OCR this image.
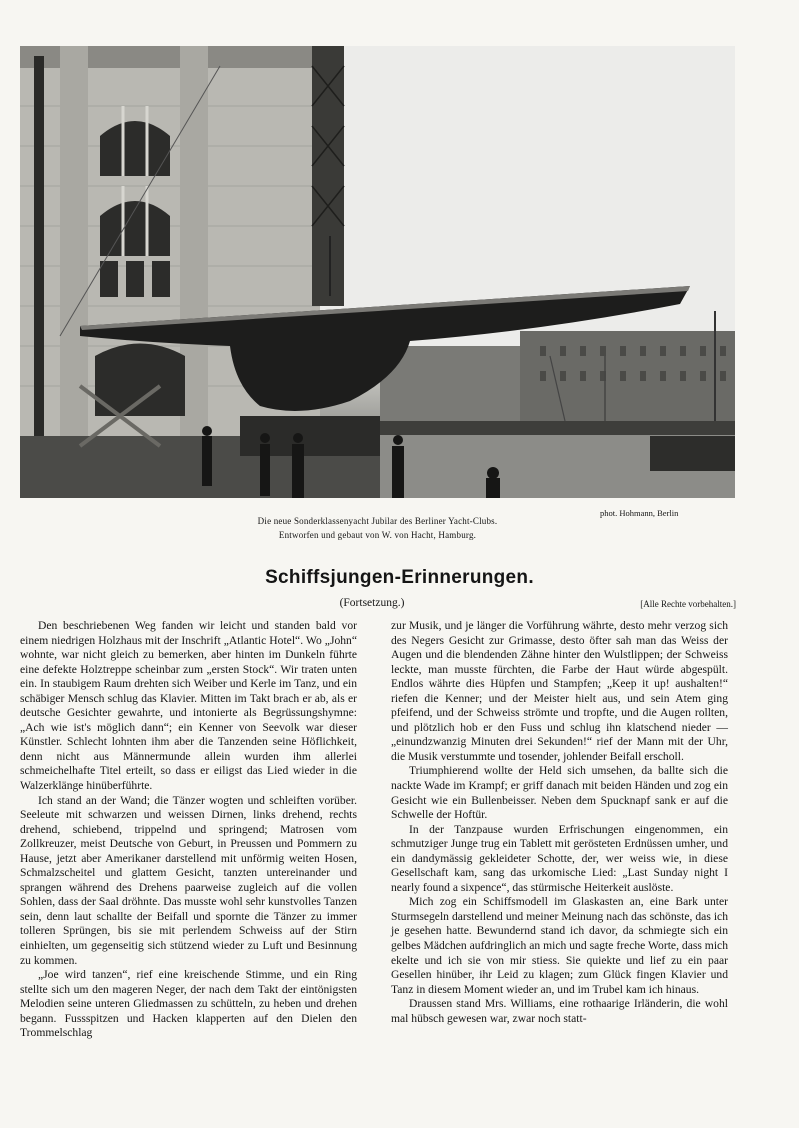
phot. Hohmann, Berlin
Die neue Sonderklassenyacht Jubilar des Berliner Yacht-Clubs.
Entworfen und gebaut von W. von Hacht, Hamburg.
Schiffsjungen-Erinnerungen.
(Fortsetzung.)	[Alle Rechte vorbehalten.]

Den beschriebenen Weg fanden wir leicht und standen bald vor einem niedrigen Holzhaus mit der Inschrift „Atlantic Hotel“. Wo „John“ wohnte, war nicht gleich zu bemerken, aber hinten im Dunkeln führte eine defekte Holztreppe scheinbar zum „ersten Stock“. Wir traten unten ein. In staubigem Raum drehten sich Weiber und Kerle im Tanz, und ein schäbiger Mensch schlug das Klavier. Mitten im Takt brach er ab, als er deutsche Gesichter gewahrte, und intonierte als Begrüssungshymne: „Ach wie ist's möglich dann“; ein Kenner von Seevolk war dieser Künstler. Schlecht lohnten ihm aber die Tanzenden seine Höflichkeit, denn nicht aus Männermunde allein wurden ihm allerlei schmeichelhafte Titel erteilt, so dass er eiligst das Lied wieder in die Walzerklänge hinüberführte.

Ich stand an der Wand; die Tänzer wogten und schleiften vorüber. Seeleute mit schwarzen und weissen Dirnen, links drehend, rechts drehend, schiebend, trippelnd und springend; Matrosen vom Zollkreuzer, meist Deutsche von Geburt, in Preussen und Pommern zu Hause, jetzt aber Amerikaner darstellend mit unförmig weiten Hosen, Schmalzscheitel und glattem Gesicht, tanzten untereinander und sprangen während des Drehens paarweise zugleich auf die vollen Sohlen, dass der Saal dröhnte. Das musste wohl sehr kunstvolles Tanzen sein, denn laut schallte der Beifall und spornte die Tänzer zu immer tolleren Sprüngen, bis sie mit perlendem Schweiss auf der Stirn einhielten, um gegenseitig sich stützend wieder zu Luft und Besinnung zu kommen.

„Joe wird tanzen“, rief eine kreischende Stimme, und ein Ring stellte sich um den mageren Neger, der nach dem Takt der eintönigsten Melodien seine unteren Gliedmassen zu schütteln, zu heben und drehen begann. Fussspitzen und Hacken klapperten auf den Dielen den Trommelschlag

zur Musik, und je länger die Vorführung währte, desto mehr verzog sich des Negers Gesicht zur Grimasse, desto öfter sah man das Weiss der Augen und die blendenden Zähne hinter den Wulstlippen; der Schweiss leckte, man musste fürchten, die Farbe der Haut würde abgespült. Endlos währte dies Hüpfen und Stampfen; „Keep it up! aushalten!“ riefen die Kenner; und der Meister hielt aus, und sein Atem ging pfeifend, und der Schweiss strömte und tropfte, und die Augen rollten, und plötzlich hob er den Fuss und schlug ihn klatschend nieder — „einundzwanzig Minuten drei Sekunden!“ rief der Mann mit der Uhr, die Musik verstummte und tosender, johlender Beifall erscholl.

Triumphierend wollte der Held sich umsehen, da ballte sich die nackte Wade im Krampf; er griff danach mit beiden Händen und zog ein Gesicht wie ein Bullenbeisser. Neben dem Spucknapf sank er auf die Schwelle der Hoftür.

In der Tanzpause wurden Erfrischungen eingenommen, ein schmutziger Junge trug ein Tablett mit gerösteten Erdnüssen umher, und ein dandymässig gekleideter Schotte, der, wer weiss wie, in diese Gesellschaft kam, sang das urkomische Lied: „Last Sunday night I nearly found a sixpence“, das stürmische Heiterkeit auslöste.

Mich zog ein Schiffsmodell im Glaskasten an, eine Bark unter Sturmsegeln darstellend und meiner Meinung nach das schönste, das ich je gesehen hatte. Bewundernd stand ich davor, da schmiegte sich ein gelbes Mädchen aufdringlich an mich und sagte freche Worte, dass mich ekelte und ich sie von mir stiess. Sie quiekte und lief zu ein paar Gesellen hinüber, ihr Leid zu klagen; zum Glück fingen Klavier und Tanz in diesem Moment wieder an, und im Trubel kam ich hinaus.

Draussen stand Mrs. Williams, eine rothaarige Irländerin, die wohl mal hübsch gewesen war, zwar noch statt-
